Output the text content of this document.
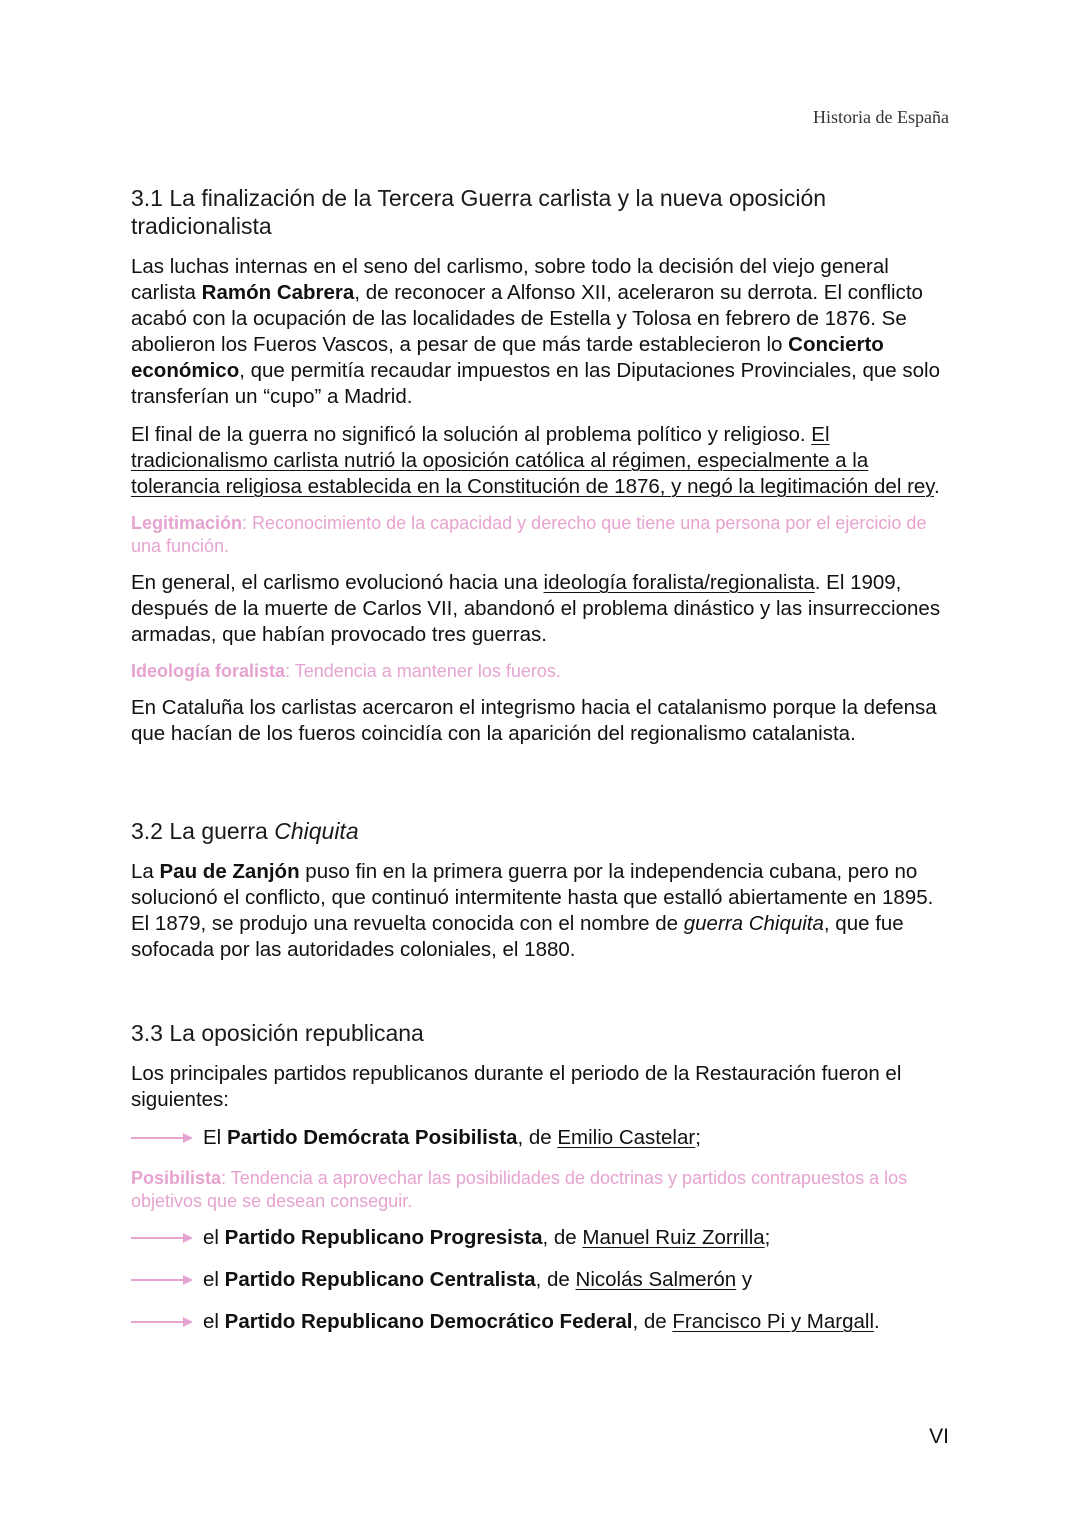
Historia de España
3.1 La finalización de la Tercera Guerra carlista y la nueva oposición tradicionalista

Las luchas internas en el seno del carlismo, sobre todo la decisión del viejo general carlista Ramón Cabrera, de reconocer a Alfonso XII, aceleraron su derrota. El conflicto acabó con la ocupación de las localidades de Estella y Tolosa en febrero de 1876. Se abolieron los Fueros Vascos, a pesar de que más tarde establecieron lo Concierto económico, que permitía recaudar impuestos en las Diputaciones Provinciales, que solo transferían un “cupo” a Madrid.

El final de la guerra no significó la solución al problema político y religioso. El tradicionalismo carlista nutrió la oposición católica al régimen, especialmente a la tolerancia religiosa establecida en la Constitución de 1876, y negó la legitimación del rey.

Legitimación: Reconocimiento de la capacidad y derecho que tiene una persona por el ejercicio de una función.

En general, el carlismo evolucionó hacia una ideología foralista/regionalista. El 1909, después de la muerte de Carlos VII, abandonó el problema dinástico y las insurrecciones armadas, que habían provocado tres guerras.

Ideología foralista: Tendencia a mantener los fueros.

En Cataluña los carlistas acercaron el integrismo hacia el catalanismo porque la defensa que hacían de los fueros coincidía con la aparición del regionalismo catalanista.

3.2 La guerra Chiquita

La Pau de Zanjón puso fin en la primera guerra por la independencia cubana, pero no solucionó el conflicto, que continuó intermitente hasta que estalló abiertamente en 1895. El 1879, se produjo una revuelta conocida con el nombre de guerra Chiquita, que fue sofocada por las autoridades coloniales, el 1880.

3.3 La oposición republicana

Los principales partidos republicanos durante el periodo de la Restauración fueron el siguientes:

El Partido Demócrata Posibilista, de Emilio Castelar;
Posibilista: Tendencia a aprovechar las posibilidades de doctrinas y partidos contrapuestos a los objetivos que se desean conseguir.
el Partido Republicano Progresista, de Manuel Ruiz Zorrilla;
el Partido Republicano Centralista, de Nicolás Salmerón y
el Partido Republicano Democrático Federal, de Francisco Pi y Margall.
VI
